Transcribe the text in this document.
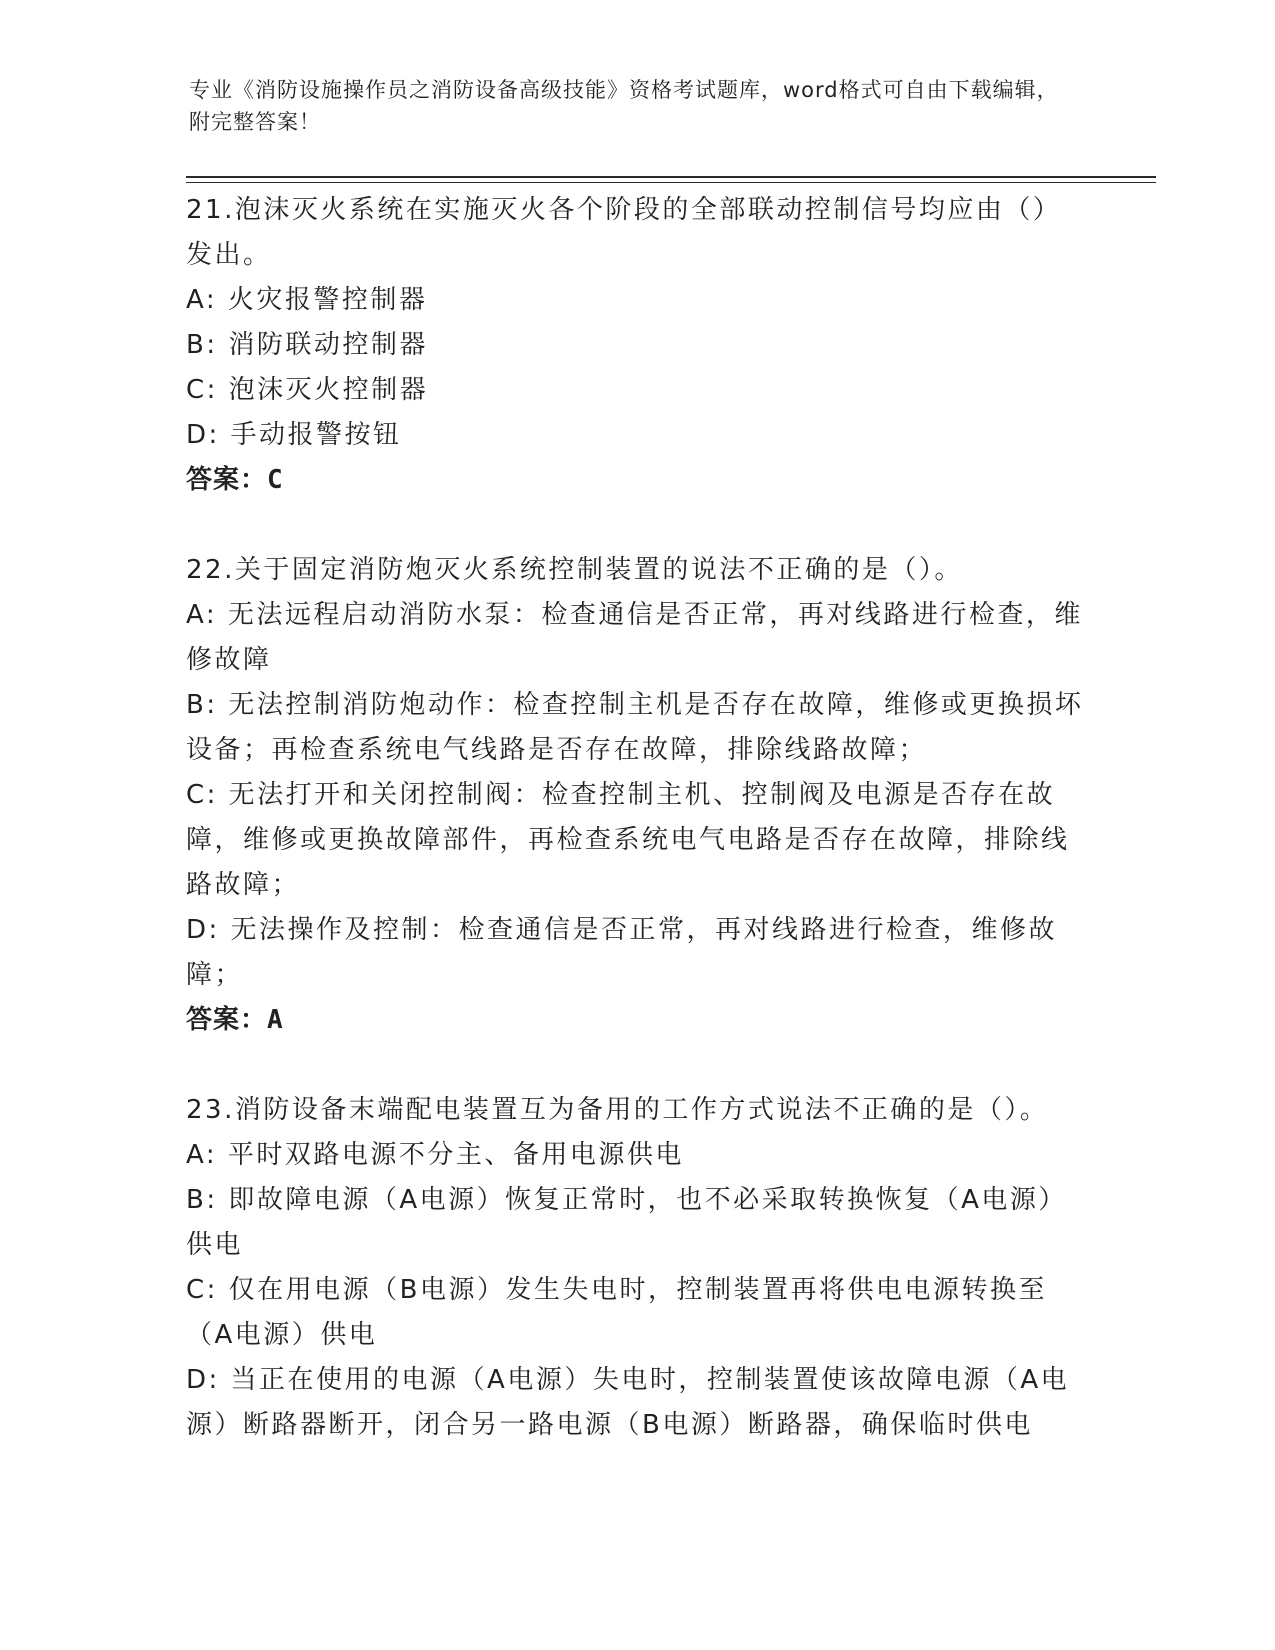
专业《消防设施操作员之消防设备高级技能》资格考试题库，word格式可自由下载编辑，附完整答案！

21.泡沫灭火系统在实施灭火各个阶段的全部联动控制信号均应由（）发出。

A: 火灾报警控制器

B: 消防联动控制器

C: 泡沫灭火控制器

D: 手动报警按钮

答案：C

22.关于固定消防炮灭火系统控制装置的说法不正确的是（）。

A: 无法远程启动消防水泵：检查通信是否正常，再对线路进行检查，维修故障

B: 无法控制消防炮动作：检查控制主机是否存在故障，维修或更换损坏设备；再检查系统电气线路是否存在故障，排除线路故障；

C: 无法打开和关闭控制阀：检查控制主机、控制阀及电源是否存在故障，维修或更换故障部件，再检查系统电气电路是否存在故障，排除线路故障；

D: 无法操作及控制：检查通信是否正常，再对线路进行检查，维修故障；

答案：A

23.消防设备末端配电装置互为备用的工作方式说法不正确的是（）。

A: 平时双路电源不分主、备用电源供电

B: 即故障电源（A电源）恢复正常时，也不必采取转换恢复（A电源）供电

C: 仅在用电源（B电源）发生失电时，控制装置再将供电电源转换至（A电源）供电

D: 当正在使用的电源（A电源）失电时，控制装置使该故障电源（A电源）断路器断开，闭合另一路电源（B电源）断路器，确保临时供电
